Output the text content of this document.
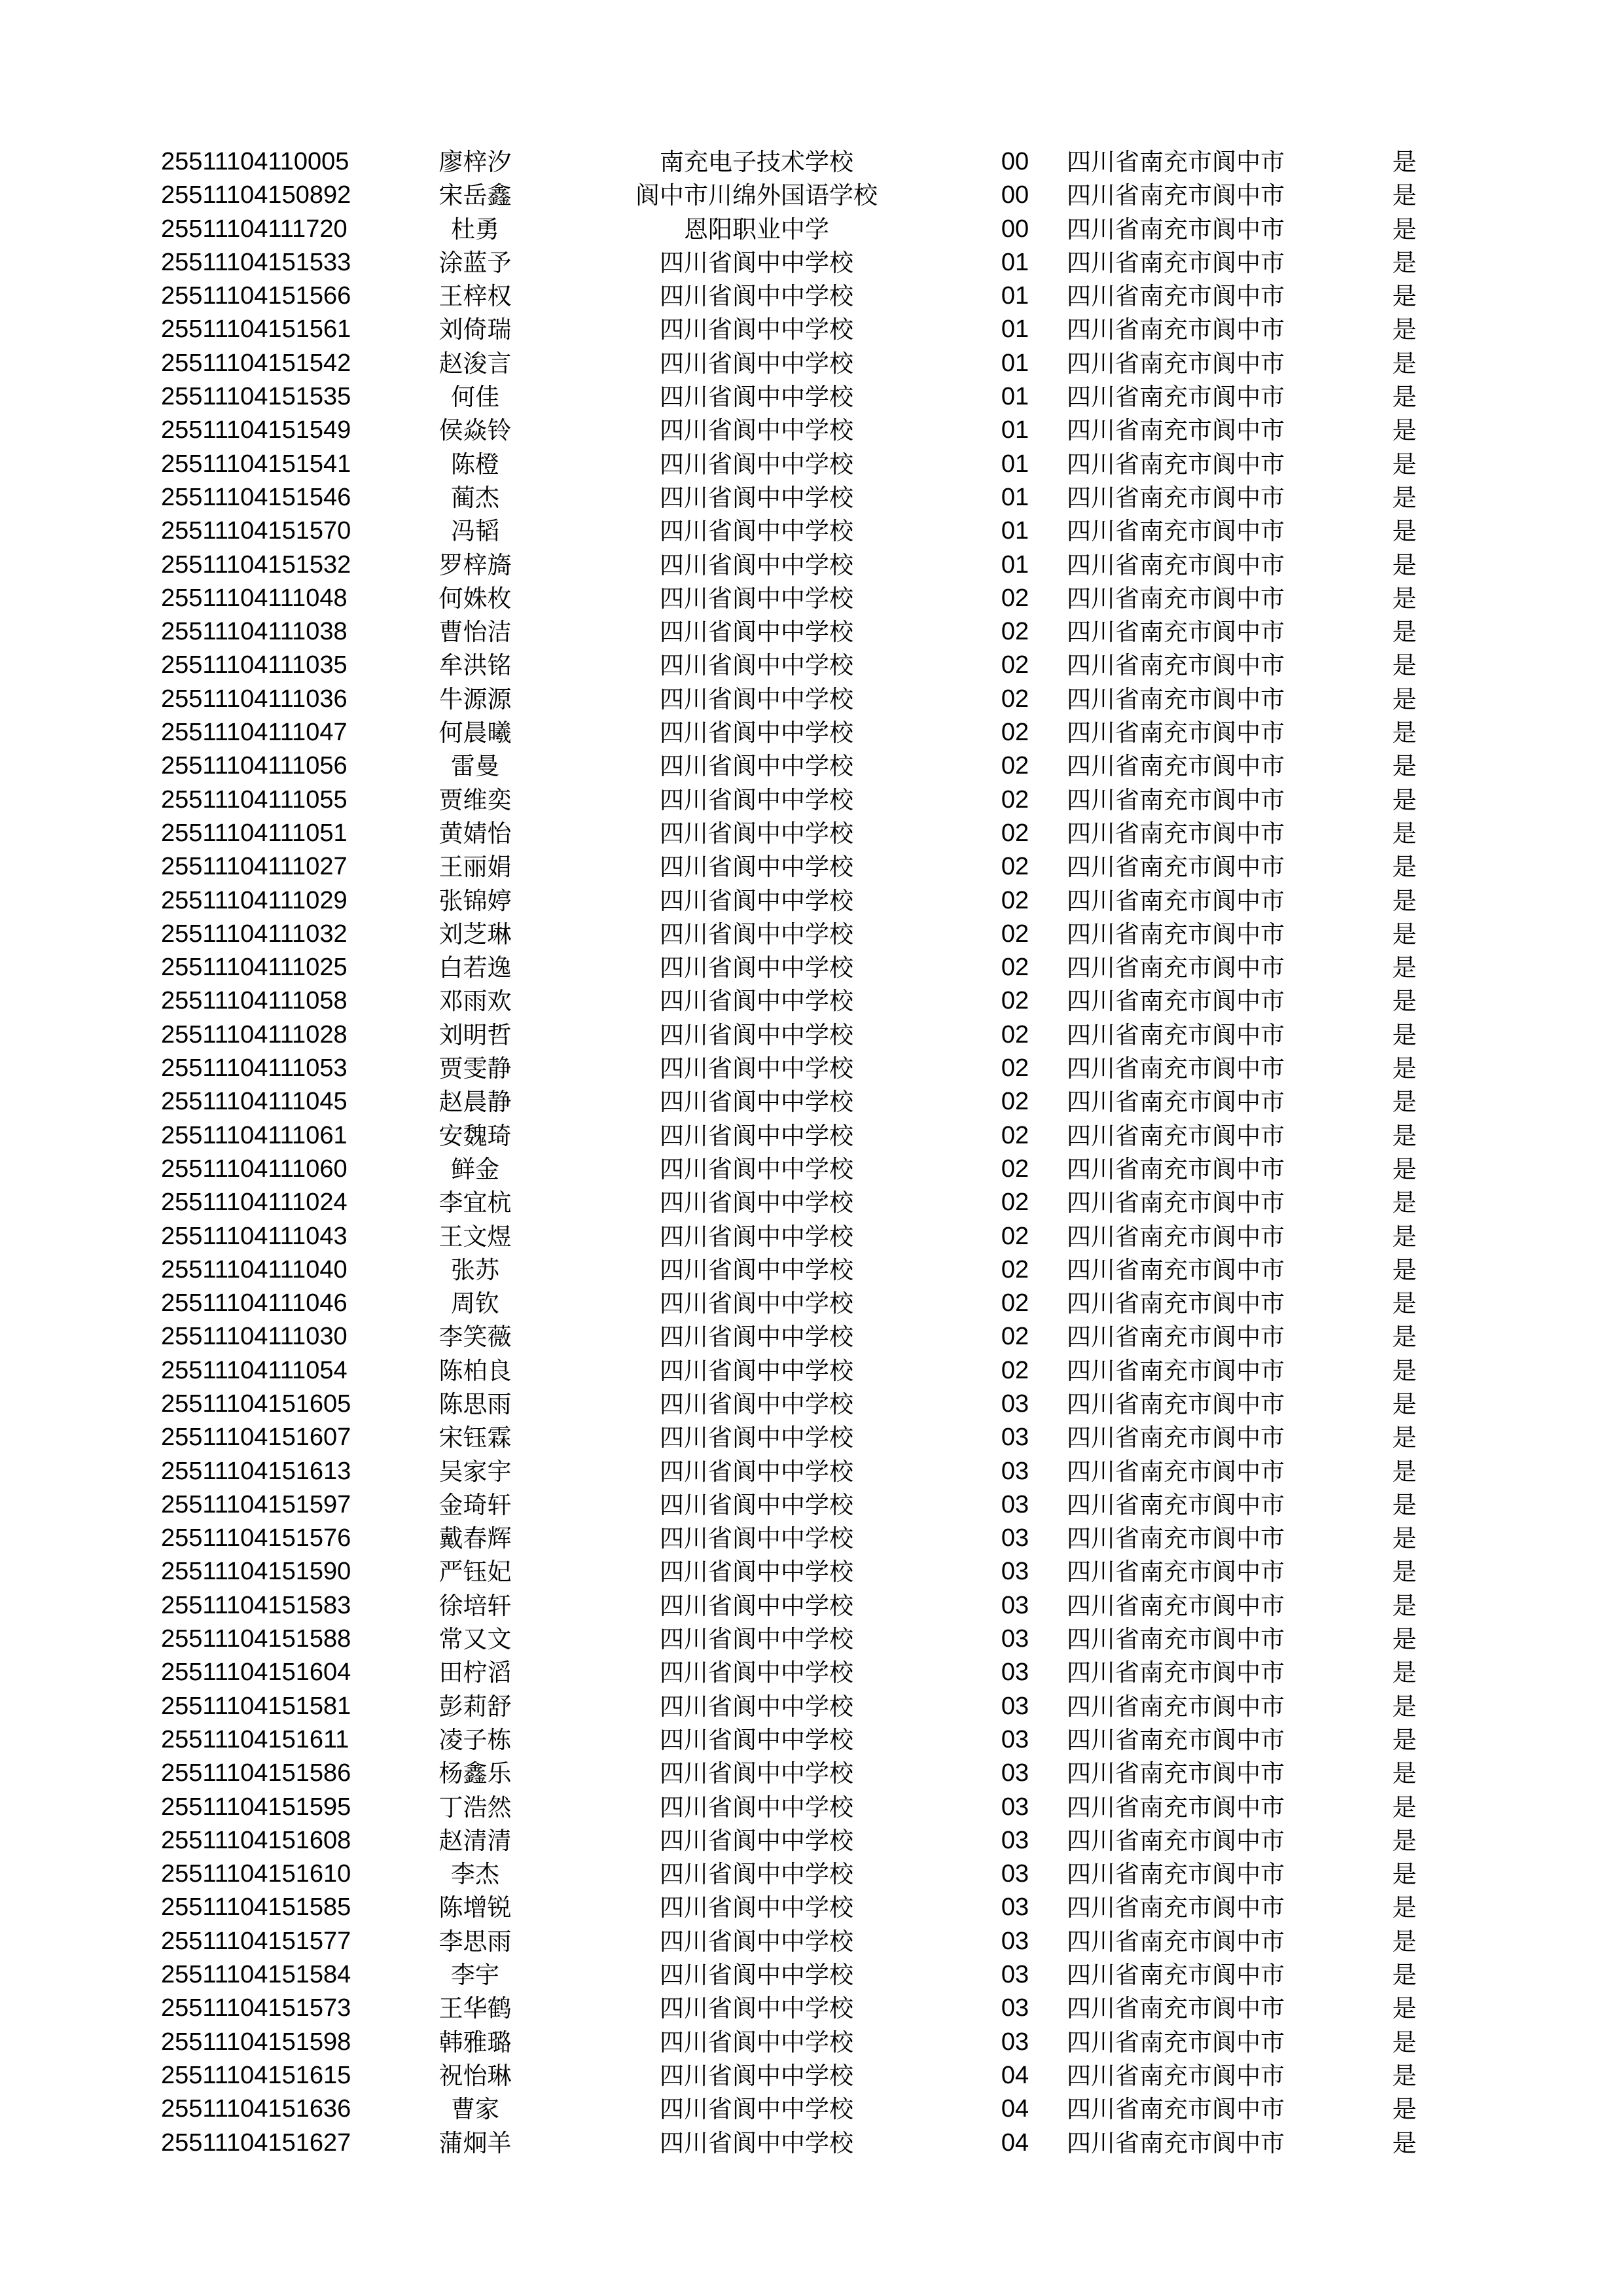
25511104110005	廖梓汐	南充电子技术学校	00	四川省南充市阆中市	是
25511104150892	宋岳鑫	阆中市川绵外国语学校	00	四川省南充市阆中市	是
25511104111720	杜勇	恩阳职业中学	00	四川省南充市阆中市	是
25511104151533	涂蓝予	四川省阆中中学校	01	四川省南充市阆中市	是
25511104151566	王梓权	四川省阆中中学校	01	四川省南充市阆中市	是
25511104151561	刘倚瑞	四川省阆中中学校	01	四川省南充市阆中市	是
25511104151542	赵浚言	四川省阆中中学校	01	四川省南充市阆中市	是
25511104151535	何佳	四川省阆中中学校	01	四川省南充市阆中市	是
25511104151549	侯焱铃	四川省阆中中学校	01	四川省南充市阆中市	是
25511104151541	陈橙	四川省阆中中学校	01	四川省南充市阆中市	是
25511104151546	蔺杰	四川省阆中中学校	01	四川省南充市阆中市	是
25511104151570	冯韬	四川省阆中中学校	01	四川省南充市阆中市	是
25511104151532	罗梓旖	四川省阆中中学校	01	四川省南充市阆中市	是
25511104111048	何姝枚	四川省阆中中学校	02	四川省南充市阆中市	是
25511104111038	曹怡洁	四川省阆中中学校	02	四川省南充市阆中市	是
25511104111035	牟洪铭	四川省阆中中学校	02	四川省南充市阆中市	是
25511104111036	牛源源	四川省阆中中学校	02	四川省南充市阆中市	是
25511104111047	何晨曦	四川省阆中中学校	02	四川省南充市阆中市	是
25511104111056	雷曼	四川省阆中中学校	02	四川省南充市阆中市	是
25511104111055	贾维奕	四川省阆中中学校	02	四川省南充市阆中市	是
25511104111051	黄婧怡	四川省阆中中学校	02	四川省南充市阆中市	是
25511104111027	王丽娟	四川省阆中中学校	02	四川省南充市阆中市	是
25511104111029	张锦婷	四川省阆中中学校	02	四川省南充市阆中市	是
25511104111032	刘芝琳	四川省阆中中学校	02	四川省南充市阆中市	是
25511104111025	白若逸	四川省阆中中学校	02	四川省南充市阆中市	是
25511104111058	邓雨欢	四川省阆中中学校	02	四川省南充市阆中市	是
25511104111028	刘明哲	四川省阆中中学校	02	四川省南充市阆中市	是
25511104111053	贾雯静	四川省阆中中学校	02	四川省南充市阆中市	是
25511104111045	赵晨静	四川省阆中中学校	02	四川省南充市阆中市	是
25511104111061	安魏琦	四川省阆中中学校	02	四川省南充市阆中市	是
25511104111060	鲜金	四川省阆中中学校	02	四川省南充市阆中市	是
25511104111024	李宜杭	四川省阆中中学校	02	四川省南充市阆中市	是
25511104111043	王文煜	四川省阆中中学校	02	四川省南充市阆中市	是
25511104111040	张苏	四川省阆中中学校	02	四川省南充市阆中市	是
25511104111046	周钦	四川省阆中中学校	02	四川省南充市阆中市	是
25511104111030	李笑薇	四川省阆中中学校	02	四川省南充市阆中市	是
25511104111054	陈柏良	四川省阆中中学校	02	四川省南充市阆中市	是
25511104151605	陈思雨	四川省阆中中学校	03	四川省南充市阆中市	是
25511104151607	宋钰霖	四川省阆中中学校	03	四川省南充市阆中市	是
25511104151613	吴家宇	四川省阆中中学校	03	四川省南充市阆中市	是
25511104151597	金琦轩	四川省阆中中学校	03	四川省南充市阆中市	是
25511104151576	戴春辉	四川省阆中中学校	03	四川省南充市阆中市	是
25511104151590	严钰妃	四川省阆中中学校	03	四川省南充市阆中市	是
25511104151583	徐培轩	四川省阆中中学校	03	四川省南充市阆中市	是
25511104151588	常又文	四川省阆中中学校	03	四川省南充市阆中市	是
25511104151604	田柠滔	四川省阆中中学校	03	四川省南充市阆中市	是
25511104151581	彭莉舒	四川省阆中中学校	03	四川省南充市阆中市	是
25511104151611	凌子栋	四川省阆中中学校	03	四川省南充市阆中市	是
25511104151586	杨鑫乐	四川省阆中中学校	03	四川省南充市阆中市	是
25511104151595	丁浩然	四川省阆中中学校	03	四川省南充市阆中市	是
25511104151608	赵清清	四川省阆中中学校	03	四川省南充市阆中市	是
25511104151610	李杰	四川省阆中中学校	03	四川省南充市阆中市	是
25511104151585	陈增锐	四川省阆中中学校	03	四川省南充市阆中市	是
25511104151577	李思雨	四川省阆中中学校	03	四川省南充市阆中市	是
25511104151584	李宇	四川省阆中中学校	03	四川省南充市阆中市	是
25511104151573	王华鹤	四川省阆中中学校	03	四川省南充市阆中市	是
25511104151598	韩雅璐	四川省阆中中学校	03	四川省南充市阆中市	是
25511104151615	祝怡琳	四川省阆中中学校	04	四川省南充市阆中市	是
25511104151636	曹家	四川省阆中中学校	04	四川省南充市阆中市	是
25511104151627	蒲炯羊	四川省阆中中学校	04	四川省南充市阆中市	是
